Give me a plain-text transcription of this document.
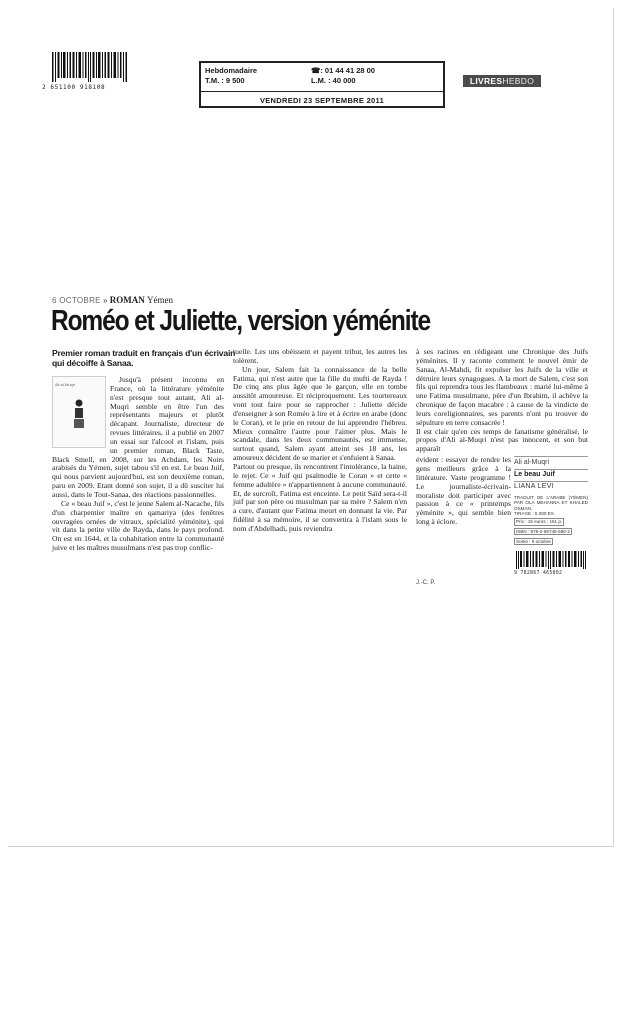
2 651100 918108
Hebdomadaire
T.M. : 9 500
☎: 01 44 41 28 00
L.M. : 40 000
VENDREDI 23 SEPTEMBRE 2011
LIVRESHEBDO
6 OCTOBRE » ROMAN Yémen
Roméo et Juliette, version yéménite
Premier roman traduit en français d'un écrivain qui décoiffe à Sanaa.
Ali al-Muqri

Jusqu'à présent inconnu en France, où la littérature yéménite n'est presque tout autant, Ali al-Muqri semble en être l'un des représentants majeurs et plutôt décapant. Journaliste, directeur de revues littéraires, il a publié en 2007 un essai sur l'alcool et l'islam, puis un premier roman, Black Taste, Black Smell, en 2008, sur les Achdam, les Noirs arabisés du Yémen, sujet tabou s'il en est. Le beau Juif, qui nous parvient aujourd'hui, est son deuxième roman, paru en 2009. Etant donné son sujet, il a dû susciter lui aussi, dans le Tout-Sanaa, des réactions passionnelles.

Ce « beau Juif », c'est le jeune Salem al-Nacache, fils d'un charpentier maître en qamariya (des fenêtres ouvragées ornées de vitraux, spécialité yéménite), qui vit dans la petite ville de Rayda, dans le pays profond. On est en 1644, et la cohabitation entre la communauté juive et les maîtres musulmans n'est pas trop conflic-

tuelle. Les uns obéissent et payent tribut, les autres les tolèrent.

Un jour, Salem fait la connaissance de la belle Fatima, qui n'est autre que la fille du mufti de Rayda ! De cinq ans plus âgée que le garçon, elle en tombe aussitôt amoureuse. Et réciproquement. Les tourtereaux vont tout faire pour se rapprocher : Juliette décide d'enseigner à son Roméo à lire et à écrire en arabe (donc le Coran), et le prie en retour de lui apprendre l'hébreu. Mieux connaître l'autre pour l'aimer plus. Mais le scandale, dans les deux communautés, est immense, surtout quand, Salem ayant atteint ses 18 ans, les amoureux décident de se marier et s'enfuient à Sanaa.

Partout ou presque, ils rencontrent l'intolérance, la haine, le rejet. Ce « Juif qui psalmodie le Coran » et cette « femme adultère » n'appartiennent à aucune communauté. Et, de surcroît, Fatima est enceinte. Le petit Saïd sera-t-il juif par son père ou musulman par sa mère ? Salem n'en a cure, d'autant que Fatima meurt en donnant la vie. Par fidélité à sa mémoire, il se convertira à l'islam sous le nom d'Abdelhadi, puis reviendra

à ses racines en rédigeant une Chronique des Juifs yéménites. Il y raconte comment le nouvel émir de Sanaa, Al-Mahdi, fit expulser les Juifs de la ville et détruire leurs synagogues. A la mort de Salem, c'est son fils qui reprendra tous les flambeaux : marié lui-même à une Fatima musulmane, père d'un Ibrahim, il achève la chronique de façon macabre : à cause de la vindicte de leurs coreligionnaires, ses parents n'ont pu trouver de sépulture en terre consacrée !

Il est clair qu'en ces temps de fanatisme généralisé, le propos d'Ali al-Muqri n'est pas innocent, et son but apparaît

Ali al-Muqri
Le beau Juif
LIANA LEVI
TRADUIT DE L'ARABE (YÉMEN) PAR OLA MEHANNA ET KHALED OSMAN.
TIRAGE : 5 000 EX.
Prix : 16 euros ; 161 p. ISBN : 978-2-86746-580-2 Sortie : 6 octobre
9 782867 465802

évident : essayer de rendre les gens meilleurs grâce à la littérature. Vaste programme ! Le journaliste-écrivain-moraliste doit participer avec passion à ce « printemps yéménite », qui semble bien long à éclore.

J.-C. P.
